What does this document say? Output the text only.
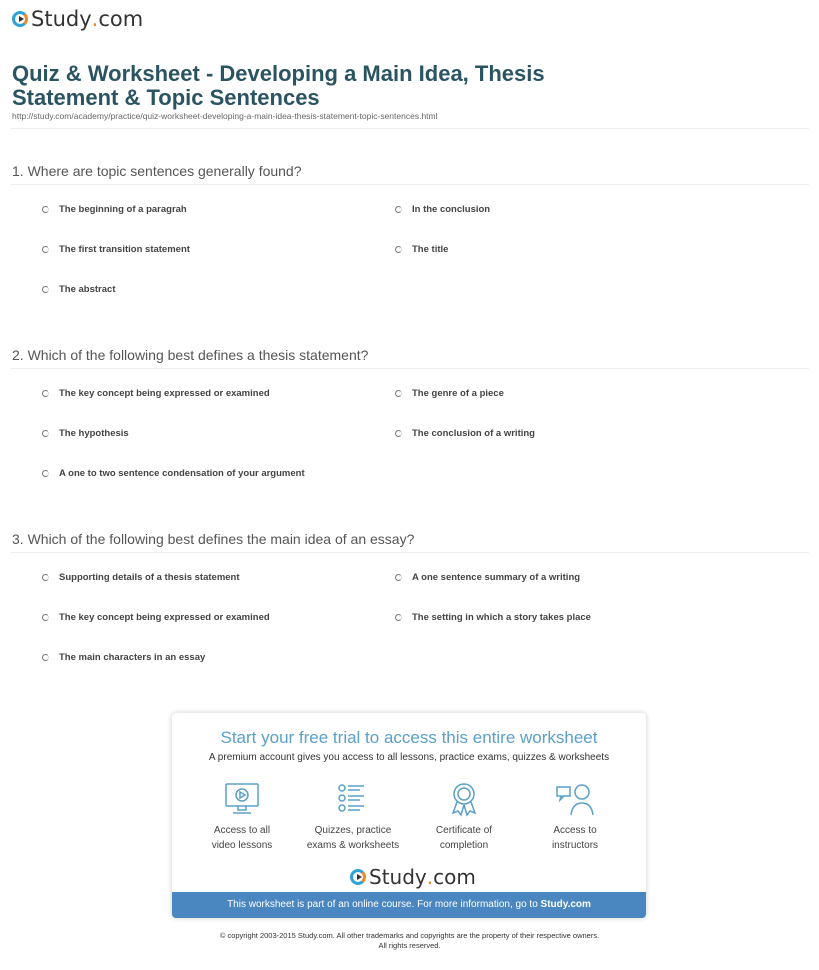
Study . com
Quiz & Worksheet - Developing a Main Idea, Thesis
Statement & Topic Sentences
http://study.com/academy/practice/quiz-worksheet-developing-a-main-idea-thesis-statement-topic-sentences.html
1. Where are topic sentences generally found?
The beginning of a paragrah	In the conclusion
The first transition statement	The title
The abstract
2. Which of the following best defines a thesis statement?
The key concept being expressed or examined	The genre of a piece
The hypothesis	The conclusion of a writing
A one to two sentence condensation of your argument
3. Which of the following best defines the main idea of an essay?
Supporting details of a thesis statement	A one sentence summary of a writing
The key concept being expressed or examined	The setting in which a story takes place
The main characters in an essay
Start your free trial to access this entire worksheet
A premium account gives you access to all lessons, practice exams, quizzes & worksheets
Access to all
video lessons
Quizzes, practice
exams & worksheets
Certificate of
completion
Access to
instructors
Study . com
This worksheet is part of an online course. For more information, go to Study.com
© copyright 2003-2015 Study.com. All other trademarks and copyrights are the property of their respective owners.
All rights reserved.
